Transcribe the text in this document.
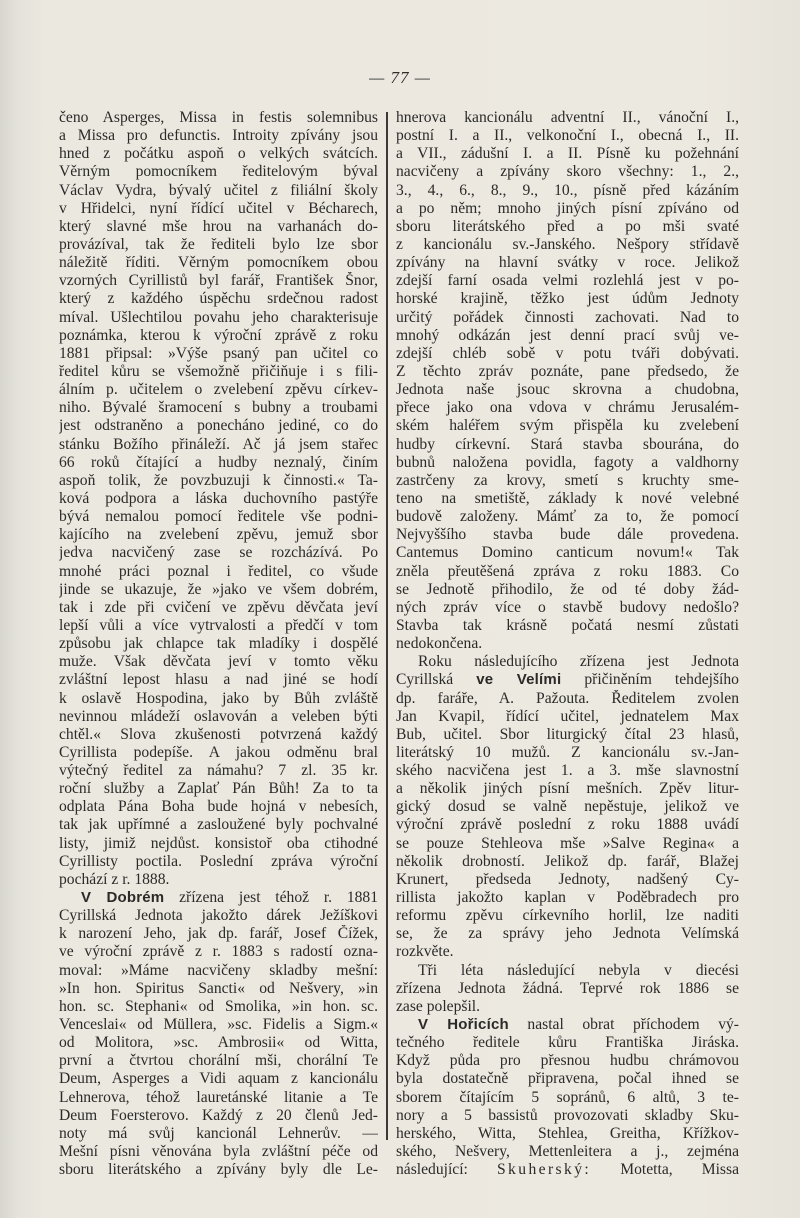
— 77 —
čeno Asperges, Missa in festis solemnibus
a Missa pro defunctis. Introity zpívány jsou
hned z počátku aspoň o velkých svátcích.
Věrným pomocníkem ředitelovým býval
Václav Vydra, bývalý učitel z filiální školy
v Hřidelci, nyní řídící učitel v Bécharech,
který slavné mše hrou na varhanách do-
provázíval, tak že řediteli bylo lze sbor
náležitě říditi. Věrným pomocníkem obou
vzorných Cyrillistů byl farář, František Šnor,
který z každého úspěchu srdečnou radost
míval. Ušlechtilou povahu jeho charakterisuje
poznámka, kterou k výroční zprávě z roku
1881 připsal: »Výše psaný pan učitel co
ředitel kůru se všemožně přičiňuje i s fili-
álním p. učitelem o zvelebení zpěvu církev-
niho. Bývalé šramocení s bubny a troubami
jest odstraněno a ponecháno jediné, co do
stánku Božího přináleží. Ač já jsem stařec
66 roků čítající a hudby neznalý, činím
aspoň tolik, že povzbuzuji k činnosti.« Ta-
ková podpora a láska duchovního pastýře
bývá nemalou pomocí ředitele vše podni-
kajícího na zvelebení zpěvu, jemuž sbor
jedva nacvičený zase se rozcházívá. Po
mnohé práci poznal i ředitel, co všude
jinde se ukazuje, že »jako ve všem dobrém,
tak i zde při cvičení ve zpěvu děvčata jeví
lepší vůli a více vytrvalosti a předčí v tom
způsobu jak chlapce tak mladíky i dospělé
muže. Však děvčata jeví v tomto věku
zvláštní lepost hlasu a nad jiné se hodí
k oslavě Hospodina, jako by Bůh zvláště
nevinnou mládeží oslavován a veleben býti
chtěl.« Slova zkušenosti potvrzená každý
Cyrillista podepíše. A jakou odměnu bral
výtečný ředitel za námahu? 7 zl. 35 kr.
roční služby a Zaplať Pán Bůh! Za to ta
odplata Pána Boha bude hojná v nebesích,
tak jak upřímné a zasloužené byly pochvalné
listy, jimiž nejdůst. konsistoř oba ctihodné
Cyrillisty poctila. Poslední zpráva výroční
pochází z r. 1888.
V Dobrém zřízena jest téhož r. 1881
Cyrillská Jednota jakožto dárek Ježíškovi
k narození Jeho, jak dp. farář, Josef Čížek,
ve výroční zprávě z r. 1883 s radostí ozna-
moval: »Máme nacvičeny skladby mešní:
»In hon. Spiritus Sancti« od Nešvery, »in
hon. sc. Stephani« od Smolika, »in hon. sc.
Venceslai« od Müllera, »sc. Fidelis a Sigm.«
od Molitora, »sc. Ambrosii« od Witta,
první a čtvrtou chorální mši, chorální Te
Deum, Asperges a Vidi aquam z kancionálu
Lehnerova, téhož lauretánské litanie a Te
Deum Foersterovo. Každý z 20 členů Jed-
noty má svůj kancionál Lehnerův. —
Mešní písni věnována byla zvláštní péče od
sboru literátského a zpívány byly dle Le-
hnerova kancionálu adventní II., vánoční I.,
postní I. a II., velkonoční I., obecná I., II.
a VII., zádušní I. a II. Písně ku požehnání
nacvičeny a zpívány skoro všechny: 1., 2.,
3., 4., 6., 8., 9., 10., písně před kázáním
a po něm; mnoho jiných písní zpíváno od
sboru literátského před a po mši svaté
z kancionálu sv.-Janského. Nešpory střídavě
zpívány na hlavní svátky v roce. Jelikož
zdejší farní osada velmi rozlehlá jest v po-
horské krajině, těžko jest údům Jednoty
určitý pořádek činnosti zachovati. Nad to
mnohý odkázán jest denní prací svůj ve-
zdejší chléb sobě v potu tváři dobývati.
Z těchto zpráv poznáte, pane předsedo, že
Jednota naše jsouc skrovna a chudobna,
přece jako ona vdova v chrámu Jerusalém-
ském haléřem svým přispěla ku zvelebení
hudby církevní. Stará stavba sbourána, do
bubnů naložena povidla, fagoty a valdhorny
zastrčeny za krovy, smetí s kruchty sme-
teno na smetiště, základy k nové velebné
budově založeny. Mámť za to, že pomocí
Nejvyššího stavba bude dále provedena.
Cantemus Domino canticum novum!« Tak
zněla přeutěšená zpráva z roku 1883. Co
se Jednotě přihodilo, že od té doby žád-
ných zpráv více o stavbě budovy nedošlo?
Stavba tak krásně počatá nesmí zůstati
nedokončena.
Roku následujícího zřízena jest Jednota
Cyrillská ve Velími přičiněním tehdejšího
dp. faráře, A. Pažouta. Ředitelem zvolen
Jan Kvapil, řídící učitel, jednatelem Max
Bub, učitel. Sbor liturgický čítal 23 hlasů,
literátský 10 mužů. Z kancionálu sv.-Jan-
ského nacvičena jest 1. a 3. mše slavnostní
a několik jiných písní mešních. Zpěv litur-
gický dosud se valně nepěstuje, jelikož ve
výroční zprávě poslední z roku 1888 uvádí
se pouze Stehleova mše »Salve Regina« a
několik drobností. Jelikož dp. farář, Blažej
Krunert, předseda Jednoty, nadšený Cy-
rillista jakožto kaplan v Poděbradech pro
reformu zpěvu církevního horlil, lze naditi
se, že za správy jeho Jednota Velímská
rozkvěte.
Tři léta následující nebyla v diecési
zřízena Jednota žádná. Teprvé rok 1886 se
zase polepšil.
V Hořicích nastal obrat příchodem vý-
tečného ředitele kůru Františka Jiráska.
Když půda pro přesnou hudbu chrámovou
byla dostatečně připravena, počal ihned se
sborem čítajícím 5 sopránů, 6 altů, 3 te-
nory a 5 bassistů provozovati skladby Sku-
herského, Witta, Stehlea, Greitha, Křížkov-
ského, Nešvery, Mettenleitera a j., zejména
následující: Skuherský: Motetta, Missa
